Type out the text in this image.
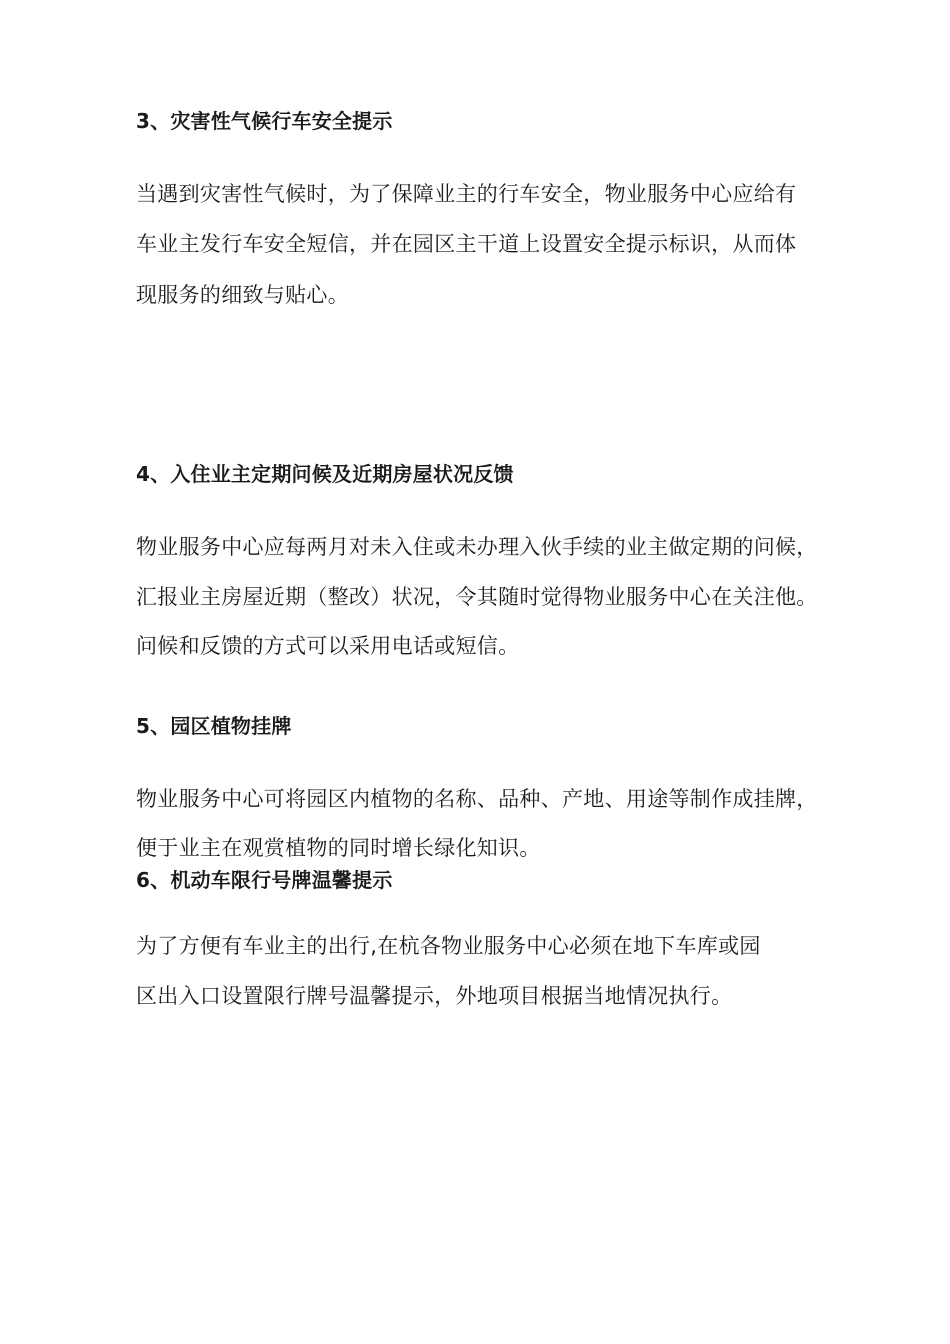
3、灾害性气候行车安全提示
当遇到灾害性气候时，为了保障业主的行车安全，物业服务中心应给有
车业主发行车安全短信，并在园区主干道上设置安全提示标识，从而体
现服务的细致与贴心。
4、入住业主定期问候及近期房屋状况反馈
物业服务中心应每两月对未入住或未办理入伙手续的业主做定期的问候，
汇报业主房屋近期（整改）状况，令其随时觉得物业服务中心在关注他。
问候和反馈的方式可以采用电话或短信。
5、园区植物挂牌
物业服务中心可将园区内植物的名称、品种、产地、用途等制作成挂牌，
便于业主在观赏植物的同时增长绿化知识。
6、机动车限行号牌温馨提示
为了方便有车业主的出行,在杭各物业服务中心必须在地下车库或园
区出入口设置限行牌号温馨提示，外地项目根据当地情况执行。
